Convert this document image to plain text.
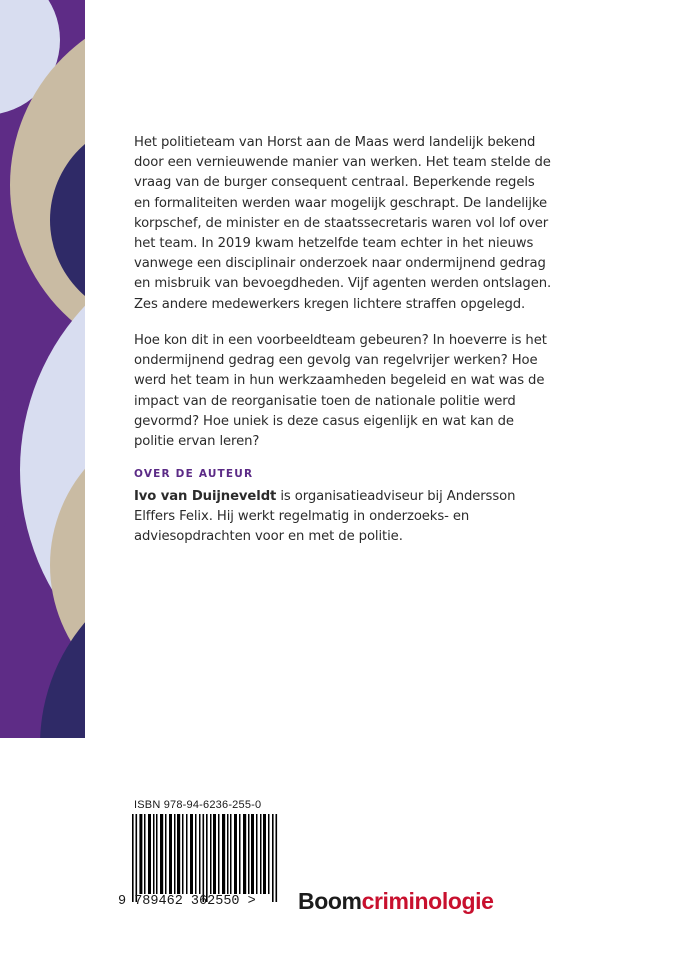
Het politieteam van Horst aan de Maas werd landelijk bekend door een vernieuwende manier van werken. Het team stelde de vraag van de burger consequent centraal. Beperkende regels en formaliteiten werden waar mogelijk geschrapt. De landelijke korpschef, de minister en de staatssecretaris waren vol lof over het team. In 2019 kwam hetzelfde team echter in het nieuws vanwege een disciplinair onderzoek naar ondermijnend gedrag en misbruik van bevoegdheden. Vijf agenten werden ontslagen. Zes andere medewerkers kregen lichtere straffen opgelegd.

Hoe kon dit in een voorbeeldteam gebeuren? In hoeverre is het ondermijnend gedrag een gevolg van regelvrijer werken? Hoe werd het team in hun werkzaamheden begeleid en wat was de impact van de reorganisatie toen de nationale politie werd gevormd? Hoe uniek is deze casus eigenlijk en wat kan de politie ervan leren?

OVER DE AUTEUR

Ivo van Duijneveldt is organisatieadviseur bij Andersson Elffers Felix. Hij werkt regelmatig in onderzoeks- en adviesopdrachten voor en met de politie.

ISBN 978-94-6236-255-0
9 789462 362550 >	Boomcriminologie
